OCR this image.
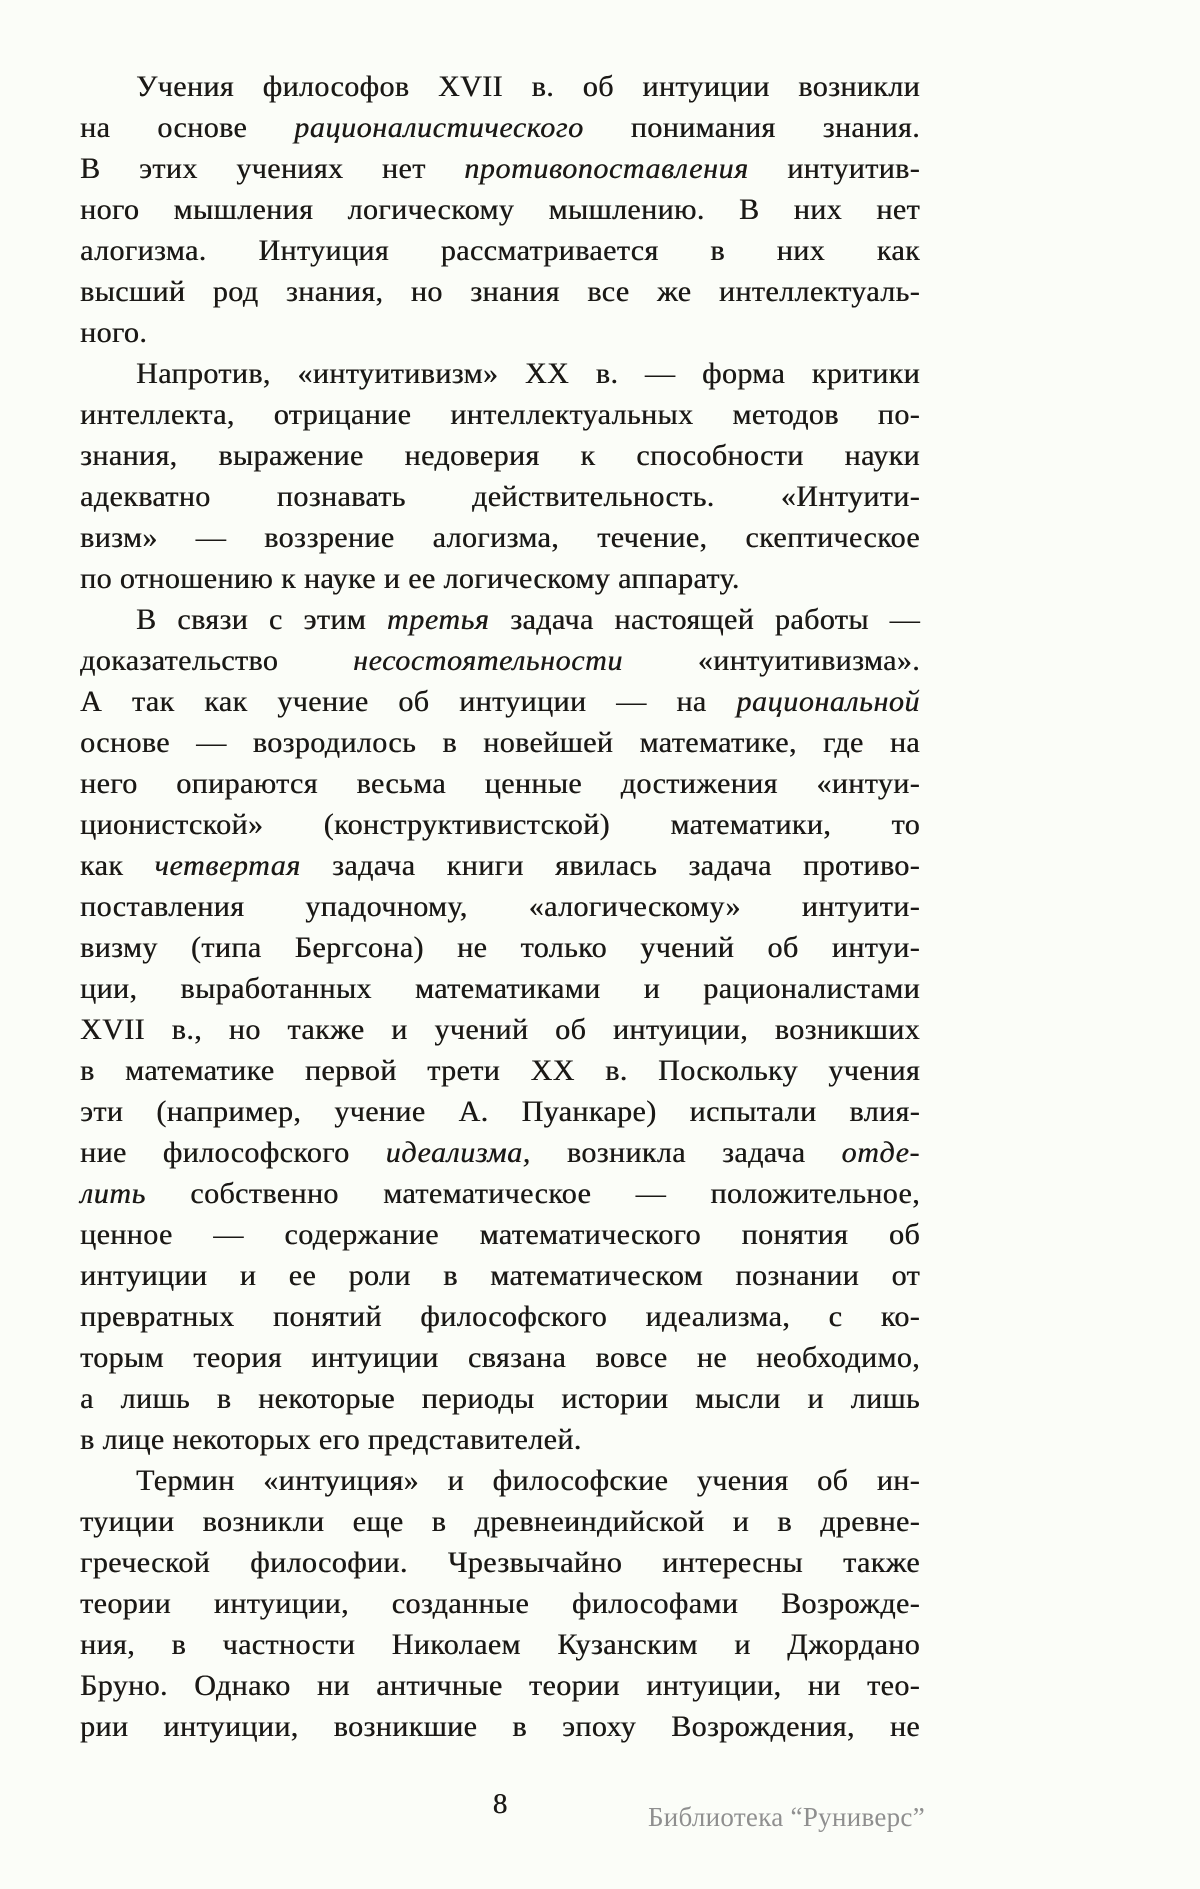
Учения философов XVII в. об интуиции возникли
на основе рационалистического понимания знания.
В этих учениях нет противопоставления интуитив-
ного мышления логическому мышлению. В них нет
алогизма. Интуиция рассматривается в них как
высший род знания, но знания все же интеллектуаль-
ного.
Напротив, «интуитивизм» XX в. — форма критики
интеллекта, отрицание интеллектуальных методов по-
знания, выражение недоверия к способности науки
адекватно познавать действительность. «Интуити-
визм» — воззрение алогизма, течение, скептическое
по отношению к науке и ее логическому аппарату.
В связи с этим третья задача настоящей работы —
доказательство несостоятельности «интуитивизма».
А так как учение об интуиции — на рациональной
основе — возродилось в новейшей математике, где на
него опираются весьма ценные достижения «интуи-
ционистской» (конструктивистской) математики, то
как четвертая задача книги явилась задача противо-
поставления упадочному, «алогическому» интуити-
визму (типа Бергсона) не только учений об интуи-
ции, выработанных математиками и рационалистами
XVII в., но также и учений об интуиции, возникших
в математике первой трети XX в. Поскольку учения
эти (например, учение А. Пуанкаре) испытали влия-
ние философского идеализма, возникла задача отде-
лить собственно математическое — положительное,
ценное — содержание математического понятия об
интуиции и ее роли в математическом познании от
превратных понятий философского идеализма, с ко-
торым теория интуиции связана вовсе не необходимо,
а лишь в некоторые периоды истории мысли и лишь
в лице некоторых его представителей.
Термин «интуиция» и философские учения об ин-
туиции возникли еще в древнеиндийской и в древне-
греческой философии. Чрезвычайно интересны также
теории интуиции, созданные философами Возрожде-
ния, в частности Николаем Кузанским и Джордано
Бруно. Однако ни античные теории интуиции, ни тео-
рии интуиции, возникшие в эпоху Возрождения, не
8	Библиотека “Руниверс”
